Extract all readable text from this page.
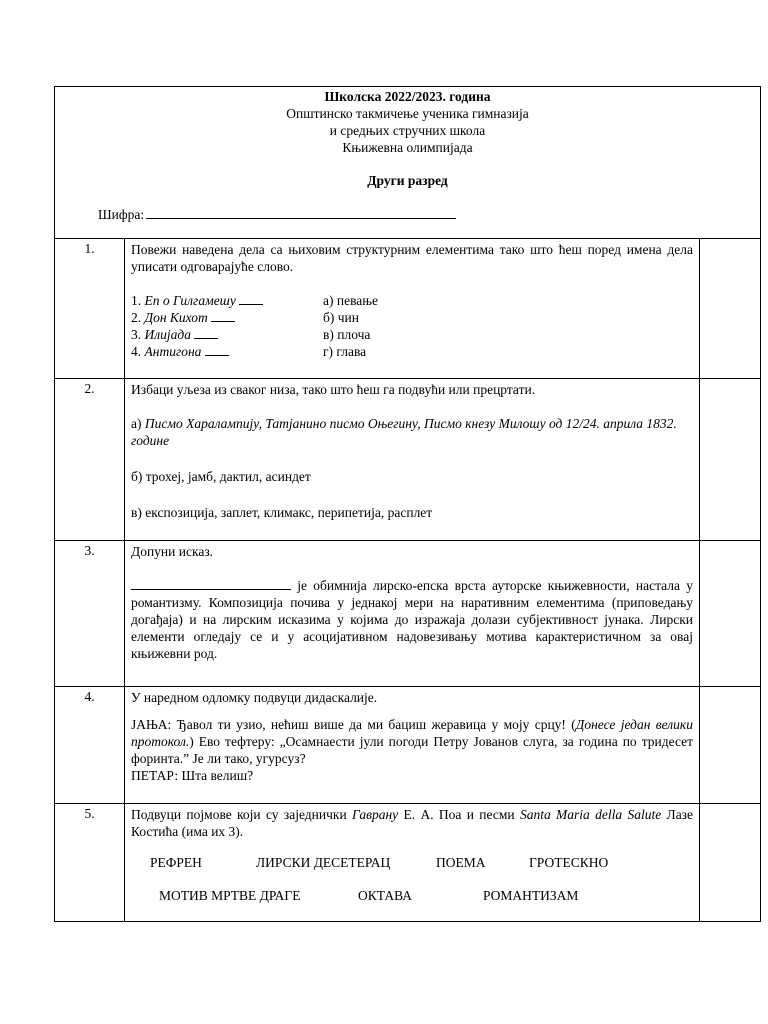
Школска 2022/2023. година
Општинско такмичење ученика гимназија
и средњих стручних школа
Књижевна олимпијада
Други разред
Шифра:
1.	Повежи наведена дела са њиховим структурним елементима тако што ћеш поред имена дела уписати одговарајуће слово.

1. Еп о Гилгамешу	а) певање
2. Дон Кихот	б) чин
3. Илијада	в) плоча
4. Антигона	г) глава
2.	Избаци уљеза из сваког низа, тако што ћеш га подвући или прецртати.

а) Писмо Харалампију, Татјанино писмо Оњегину, Писмо кнезу Милошу од 12/24. априла 1832. године

б) трохеј, јамб, дактил, асиндет

в) експозиција, заплет, климакс, перипетија, расплет

3.	Допуни исказ.

је обимнија лирско-епска врста ауторске књижевности, настала у романтизму. Композиција почива у једнакој мери на наративним елементима (приповедању догађаја) и на лирским исказима у којима до изражаја долази субјективност јунака. Лирски елементи огледају се и у асоцијативном надовезивању мотива карактеристичном за овај књижевни род.

4.	У наредном одломку подвуци дидаскалије.

ЈАЊА: Ђавол ти узио, нећиш више да ми бациш жеравица у моју срцу! (Донесе један велики протокол.) Ево тефтеру: „Осамнаести јули погоди Петру Јованов слуга, за година по тридесет форинта.” Је ли тако, угурсуз?

ПЕТАР: Шта велиш?

5.	Подвуци појмове који су заједнички Гаврану Е. А. Поа и песми Santa Maria della Salute Лазе Костића (има их 3).

РЕФРЕН	ЛИРСКИ ДЕСЕТЕРАЦ	ПОЕМА	ГРОТЕСКНО
МОТИВ МРТВЕ ДРАГЕ	ОКТАВА	РОМАНТИЗАМ
